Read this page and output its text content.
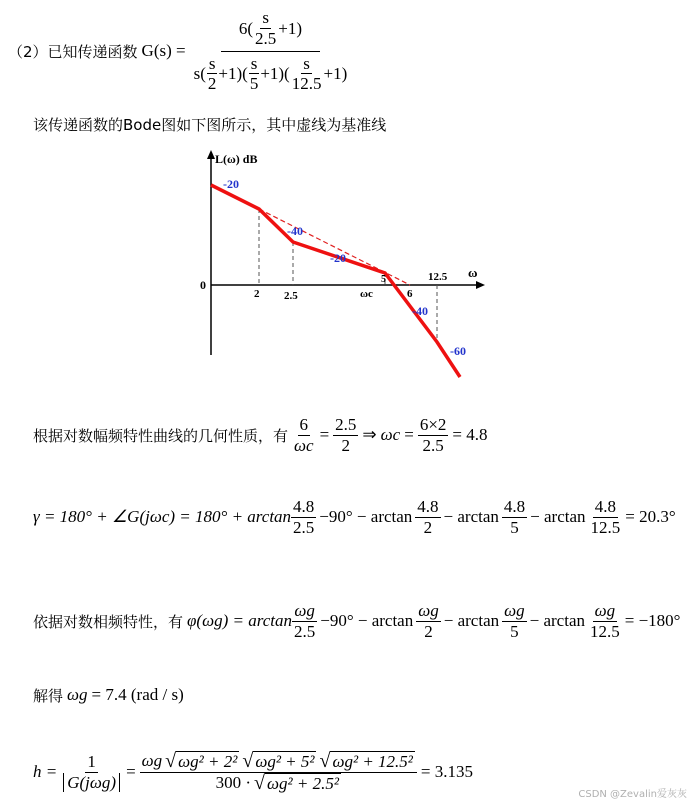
（2）已知传递函数 G(s) =
$6( \frac{s}{2.5} +1)$
$s( \frac{s}{2} +1)( \frac{s}{5} +1)( \frac{s}{12.5} +1)$
该传递函数的Bode图如下图所示，其中虚线为基准线
L(ω) dB
ω
0
2 2.5	ωc	6
12.5
5
-20
-40
-20
-40
-60
根据对数幅频特性曲线的几何性质，有 $\frac{6}{\omega c} = \frac{2.5}{2}$ ⇒ $\omega c = \frac{6\times 2}{2.5} = 4.8$
γ = 180° + ∠G(jωc) = $180^\circ + \arctan \frac{4.8}{2.5} -90^\circ - \arctan \frac{4.8}{2} - \arctan \frac{4.8}{5} - \arctan \frac{4.8}{12.5} = 20.3^\circ$
依据对数相频特性，有 $\varphi(\omega g) = \arctan \frac{\omega g}{2.5} -90^\circ - \arctan \frac{\omega g}{2} - \arctan \frac{\omega g}{5} - \arctan \frac{\omega g}{12.5} = -180^\circ$
解得 ωg = 7.4 (rad / s)
$h = \frac{1}{\text{G(jωg)}} = \frac{\text{ωg √ ωg² + 2² √ ωg² + 5² √ ωg² + 12.5²}}{\text{300 · √ ωg² + 2.5²}} = 3.135$
CSDN @Zevalin爱灰灰
